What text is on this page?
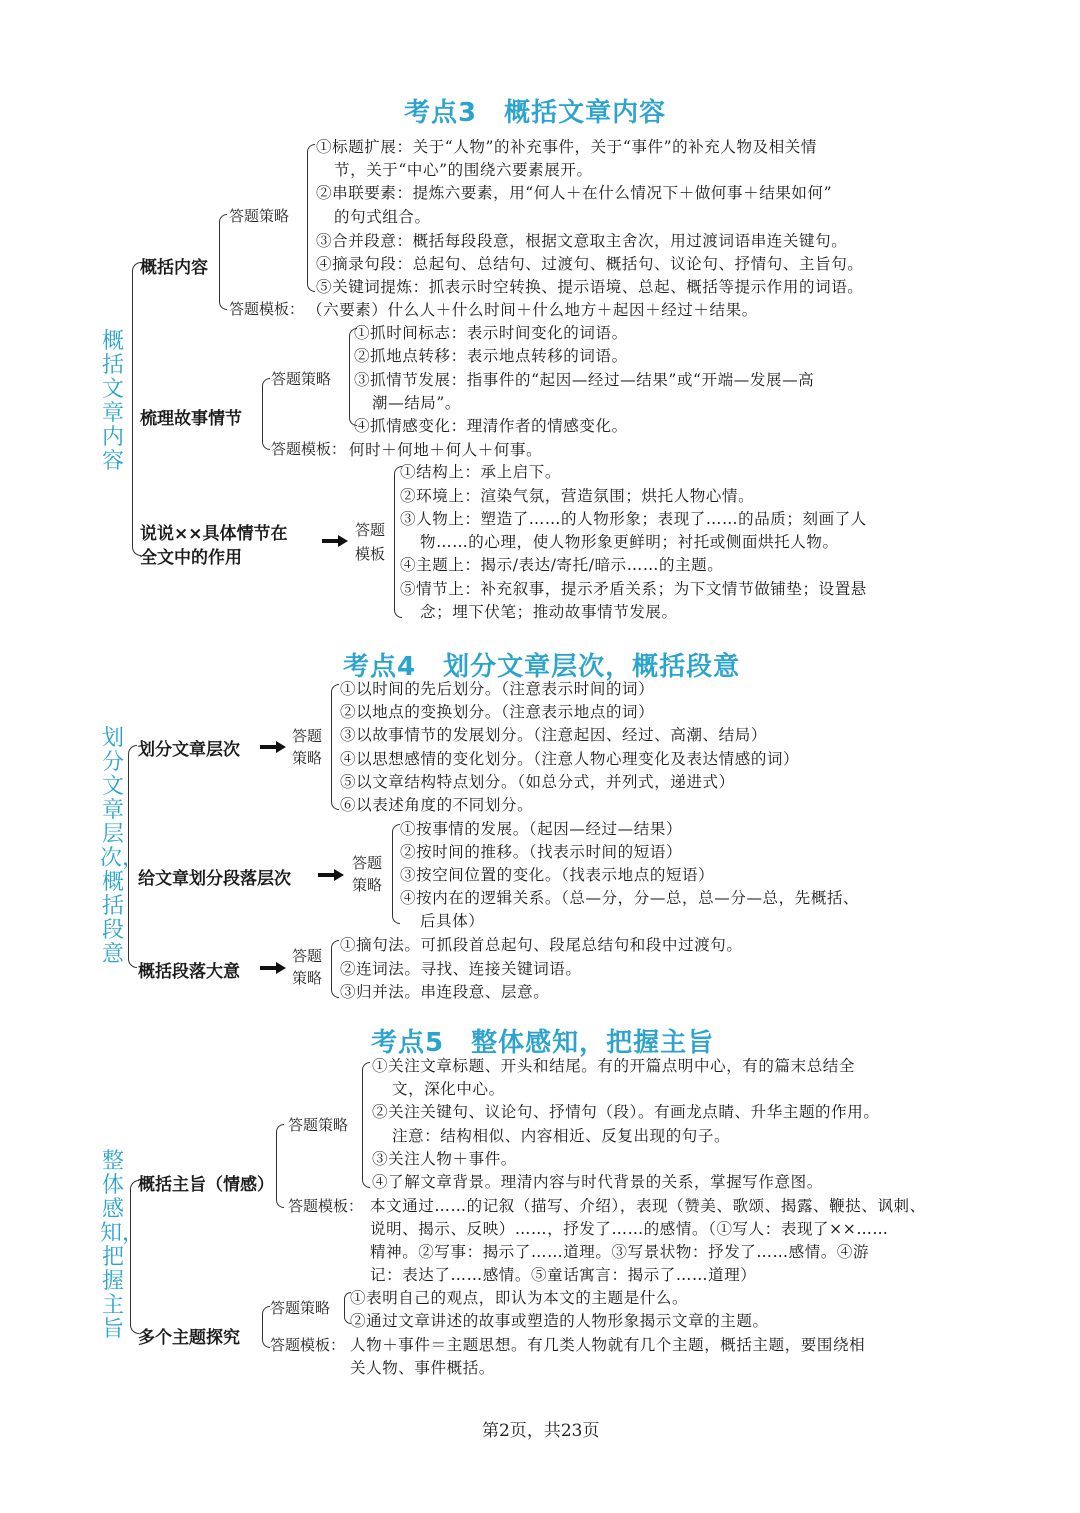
考点3　概括文章内容
概括文章内容
概括内容
答题策略
①标题扩展：关于“人物”的补充事件，关于“事件”的补充人物及相关情
节，关于“中心”的围绕六要素展开。
②串联要素：提炼六要素，用“何人＋在什么情况下＋做何事＋结果如何”
的句式组合。
③合并段意：概括每段段意，根据文意取主舍次，用过渡词语串连关键句。
④摘录句段：总起句、总结句、过渡句、概括句、议论句、抒情句、主旨句。
⑤关键词提炼：抓表示时空转换、提示语境、总起、概括等提示作用的词语。
答题模板： （六要素）什么人＋什么时间＋什么地方＋起因＋经过＋结果。
梳理故事情节
答题策略
①抓时间标志：表示时间变化的词语。
②抓地点转移：表示地点转移的词语。
③抓情节发展：指事件的“起因—经过—结果”或“开端—发展—高
潮—结局”。
④抓情感变化：理清作者的情感变化。
答题模板： 何时＋何地＋何人＋何事。
说说××具体情节在
全文中的作用
答题
模板
①结构上：承上启下。
②环境上：渲染气氛，营造氛围；烘托人物心情。
③人物上：塑造了……的人物形象；表现了……的品质；刻画了人
物……的心理，使人物形象更鲜明；衬托或侧面烘托人物。
④主题上：揭示/表达/寄托/暗示……的主题。
⑤情节上：补充叙事，提示矛盾关系；为下文情节做铺垫；设置悬
念；埋下伏笔；推动故事情节发展。
考点4　划分文章层次，概括段意
划分文章层次，概括段意
划分文章层次
答题
策略
①以时间的先后划分。（注意表示时间的词）
②以地点的变换划分。（注意表示地点的词）
③以故事情节的发展划分。（注意起因、经过、高潮、结局）
④以思想感情的变化划分。（注意人物心理变化及表达情感的词）
⑤以文章结构特点划分。（如总分式，并列式，递进式）
⑥以表述角度的不同划分。
给文章划分段落层次
答题
策略
①按事情的发展。（起因—经过—结果）
②按时间的推移。（找表示时间的短语）
③按空间位置的变化。（找表示地点的短语）
④按内在的逻辑关系。（总—分，分—总，总—分—总，先概括、
后具体）
概括段落大意
答题
策略
①摘句法。可抓段首总起句、段尾总结句和段中过渡句。
②连词法。寻找、连接关键词语。
③归并法。串连段意、层意。
考点5　整体感知，把握主旨
整体感知，把握主旨
概括主旨（情感）
答题策略
①关注文章标题、开头和结尾。有的开篇点明中心，有的篇末总结全
文，深化中心。
②关注关键句、议论句、抒情句（段）。有画龙点睛、升华主题的作用。
注意：结构相似、内容相近、反复出现的句子。
③关注人物＋事件。
④了解文章背景。理清内容与时代背景的关系，掌握写作意图。
答题模板： 本文通过……的记叙（描写、介绍），表现（赞美、歌颂、揭露、鞭挞、讽刺、
说明、揭示、反映）……，抒发了……的感情。（①写人：表现了××……
精神。②写事：揭示了……道理。③写景状物：抒发了……感情。④游
记：表达了……感情。⑤童话寓言：揭示了……道理）
多个主题探究
答题策略
①表明自己的观点，即认为本文的主题是什么。
②通过文章讲述的故事或塑造的人物形象揭示文章的主题。
答题模板： 人物＋事件＝主题思想。有几类人物就有几个主题，概括主题，要围绕相
关人物、事件概括。
第2页，共23页
